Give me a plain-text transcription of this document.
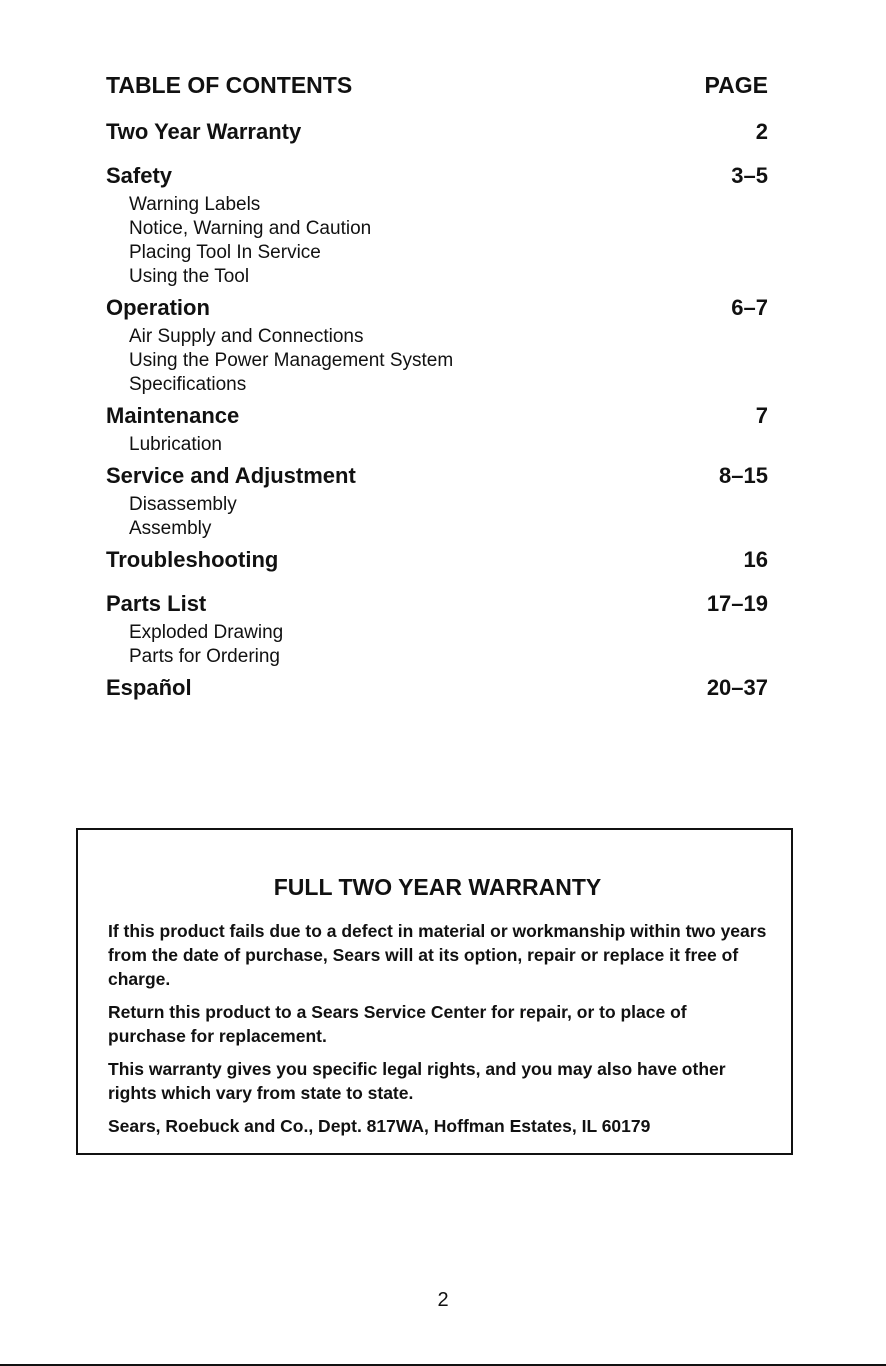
TABLE OF CONTENTS	PAGE
Two Year Warranty	2
Safety	3–5
Warning Labels
Notice, Warning and Caution
Placing Tool In Service
Using the Tool
Operation	6–7
Air Supply and Connections
Using the Power Management System
Specifications
Maintenance	7
Lubrication
Service and Adjustment	8–15
Disassembly
Assembly
Troubleshooting	16
Parts List	17–19
Exploded Drawing
Parts for Ordering
Español	20–37
FULL TWO YEAR WARRANTY

If this product fails due to a defect in material or workmanship within two years from the date of purchase, Sears will at its option, repair or replace it free of charge.

Return this product to a Sears Service Center for repair, or to place of purchase for replacement.

This warranty gives you specific legal rights, and you may also have other rights which vary from state to state.

Sears, Roebuck and Co., Dept. 817WA, Hoffman Estates, IL 60179

2
